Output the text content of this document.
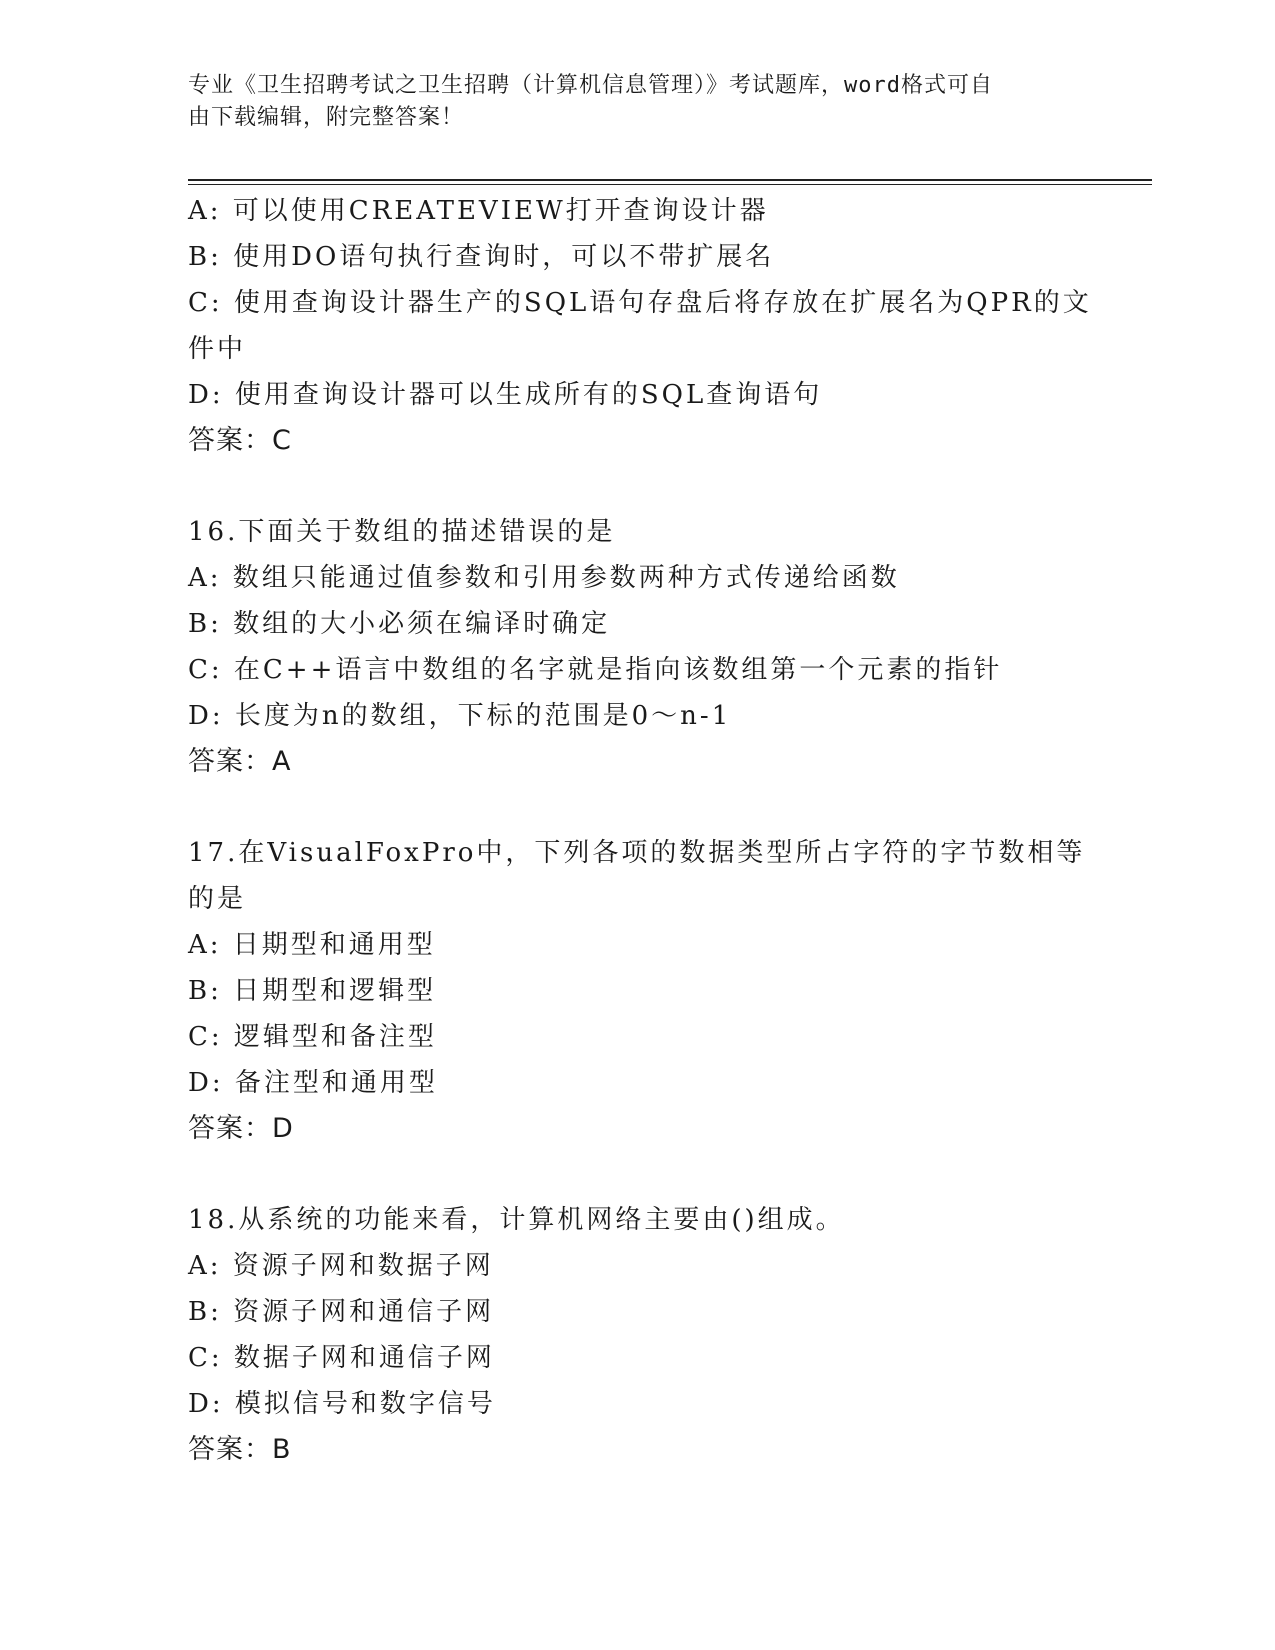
专业《卫生招聘考试之卫生招聘（计算机信息管理）》考试题库，word格式可自
由下载编辑，附完整答案！
A: 可以使用CREATEVIEW打开查询设计器
B: 使用DO语句执行查询时，可以不带扩展名
C: 使用查询设计器生产的SQL语句存盘后将存放在扩展名为QPR的文
件中
D: 使用查询设计器可以生成所有的SQL查询语句
答案：C
16.下面关于数组的描述错误的是
A: 数组只能通过值参数和引用参数两种方式传递给函数
B: 数组的大小必须在编译时确定
C: 在C++语言中数组的名字就是指向该数组第一个元素的指针
D: 长度为n的数组，下标的范围是0～n-1
答案：A
17.在VisualFoxPro中，下列各项的数据类型所占字符的字节数相等
的是
A: 日期型和通用型
B: 日期型和逻辑型
C: 逻辑型和备注型
D: 备注型和通用型
答案：D
18.从系统的功能来看，计算机网络主要由()组成。
A: 资源子网和数据子网
B: 资源子网和通信子网
C: 数据子网和通信子网
D: 模拟信号和数字信号
答案：B
